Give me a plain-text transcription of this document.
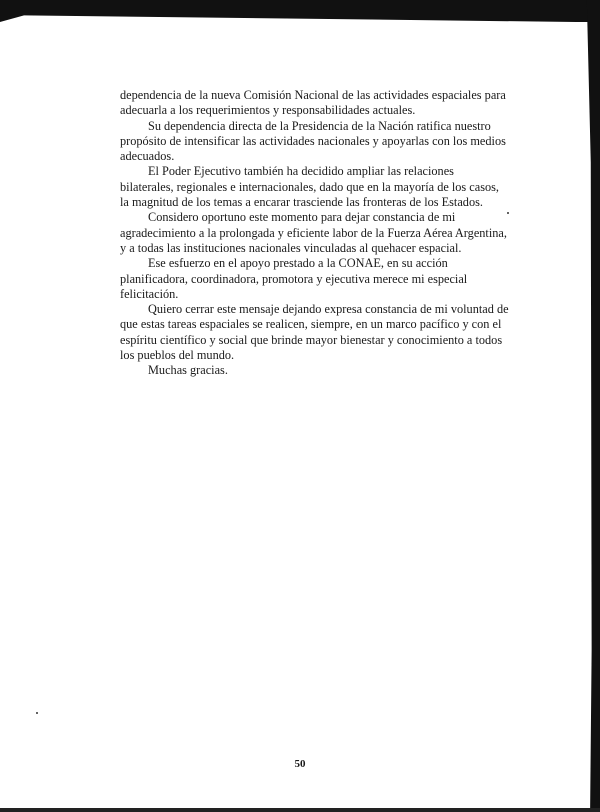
dependencia de la nueva Comisión Nacional de las actividades espaciales para adecuarla a los requerimientos y responsabilidades actuales.

Su dependencia directa de la Presidencia de la Nación ratifica nuestro propósito de intensificar las actividades nacionales y apoyarlas con los medios adecuados.

El Poder Ejecutivo también ha decidido ampliar las relaciones bilaterales, regionales e internacionales, dado que en la mayoría de los casos, la magnitud de los temas a encarar trasciende las fronteras de los Estados.

Considero oportuno este momento para dejar constancia de mi agradecimiento a la prolongada y eficiente labor de la Fuerza Aérea Argentina, y a todas las instituciones nacionales vinculadas al quehacer espacial.

Ese esfuerzo en el apoyo prestado a la CONAE, en su acción planificadora, coordinadora, promotora y ejecutiva merece mi especial felicitación.

Quiero cerrar este mensaje dejando expresa constancia de mi voluntad de que estas tareas espaciales se realicen, siempre, en un marco pacífico y con el espíritu científico y social que brinde mayor bienestar y conocimiento a todos los pueblos del mundo.

Muchas gracias.

50
